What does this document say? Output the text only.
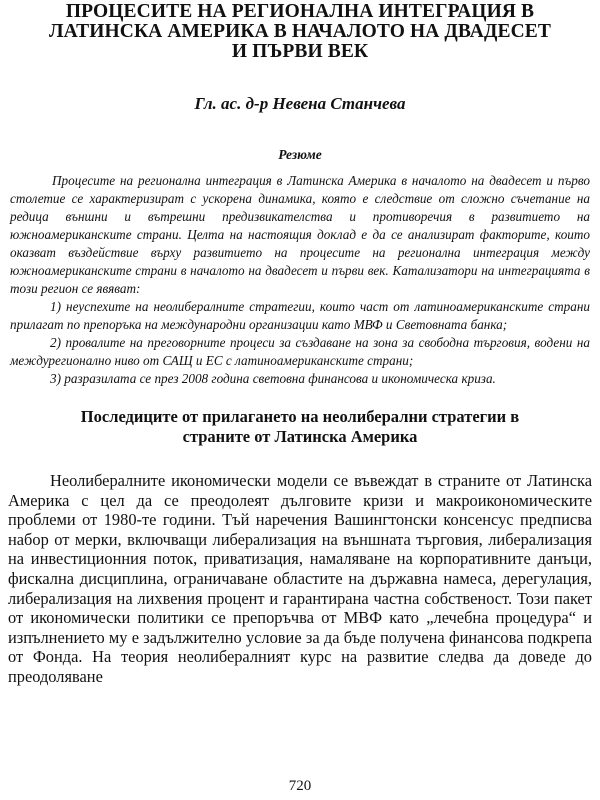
ПРОЦЕСИТЕ НА РЕГИОНАЛНА ИНТЕГРАЦИЯ В
ЛАТИНСКА АМЕРИКА В НАЧАЛОТО НА ДВАДЕСЕТ
И ПЪРВИ ВЕК
Гл. ас. д-р Невена Станчева
Резюме

Процесите на регионална интеграция в Латинска Америка в началото на двадесет и първо столетие се характеризират с ускорена динамика, която е следствие от сложно съчетание на редица външни и вътрешни предизвикателства и противоречия в развитието на южноамериканските страни. Целта на настоящия доклад е да се анализират факторите, които оказват въздействие върху развитието на процесите на регионална интеграция между южноамериканските страни в началото на двадесет и първи век. Катализатори на интеграцията в този регион се явяват:

1) неуспехите на неолибералните стратегии, които част от латиноамериканските страни прилагат по препоръка на международни организации като МВФ и Световната банка;

2) провалите на преговорните процеси за създаване на зона за свободна търговия, водени на междурегионално ниво от САЩ и ЕС с латиноамериканските страни;

3) разразилата се през 2008 година световна финансова и икономическа криза.

Последиците от прилагането на неолиберални стратегии в
страните от Латинска Америка

Неолибералните икономически модели се въвеждат в страните от Латинска Америка с цел да се преодолеят дълговите кризи и макроикономическите проблеми от 1980-те години. Тъй наречения Вашингтонски консенсус предписва набор от мерки, включващи либерализация на външната търговия, либерализация на инвестиционния поток, приватизация, намаляване на корпоративните данъци, фискална дисциплина, ограничаване областите на държавна намеса, дерегулация, либерализация на лихвения процент и гарантирана частна собственост. Този пакет от икономически политики се препоръчва от МВФ като „лечебна процедура“ и изпълнението му е задължително условие за да бъде получена финансова подкрепа от Фонда. На теория неолибералният курс на развитие следва да доведе до преодоляване

720
